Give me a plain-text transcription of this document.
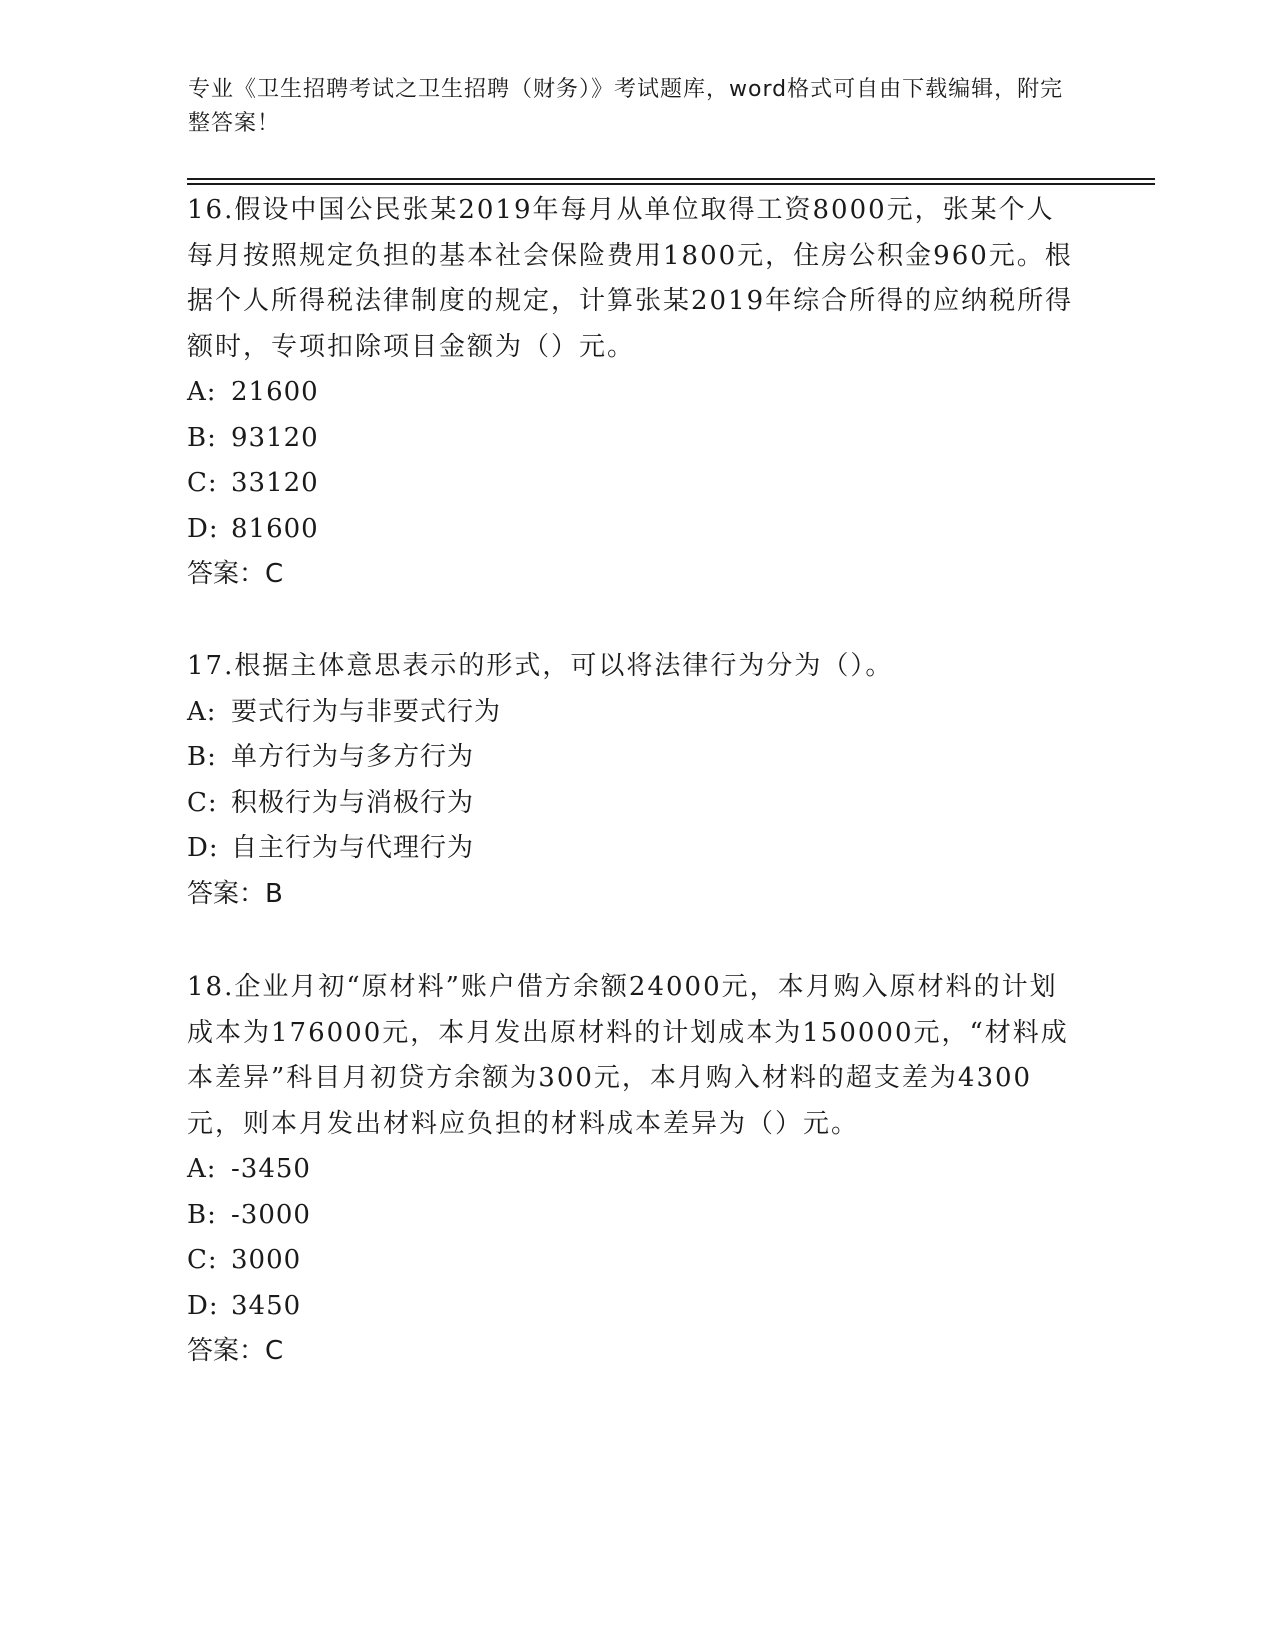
专业《卫生招聘考试之卫生招聘（财务）》考试题库，word格式可自由下载编辑，附完整答案！

16.假设中国公民张某2019年每月从单位取得工资8000元，张某个人每月按照规定负担的基本社会保险费用1800元，住房公积金960元。根据个人所得税法律制度的规定，计算张某2019年综合所得的应纳税所得额时，专项扣除项目金额为（）元。

A: 21600

B: 93120

C: 33120

D: 81600

答案：C

17.根据主体意思表示的形式，可以将法律行为分为（）。

A: 要式行为与非要式行为

B: 单方行为与多方行为

C: 积极行为与消极行为

D: 自主行为与代理行为

答案：B

18.企业月初“原材料”账户借方余额24000元，本月购入原材料的计划成本为176000元，本月发出原材料的计划成本为150000元，“材料成本差异”科目月初贷方余额为300元，本月购入材料的超支差为4300元，则本月发出材料应负担的材料成本差异为（）元。

A: -3450

B: -3000

C: 3000

D: 3450

答案：C
